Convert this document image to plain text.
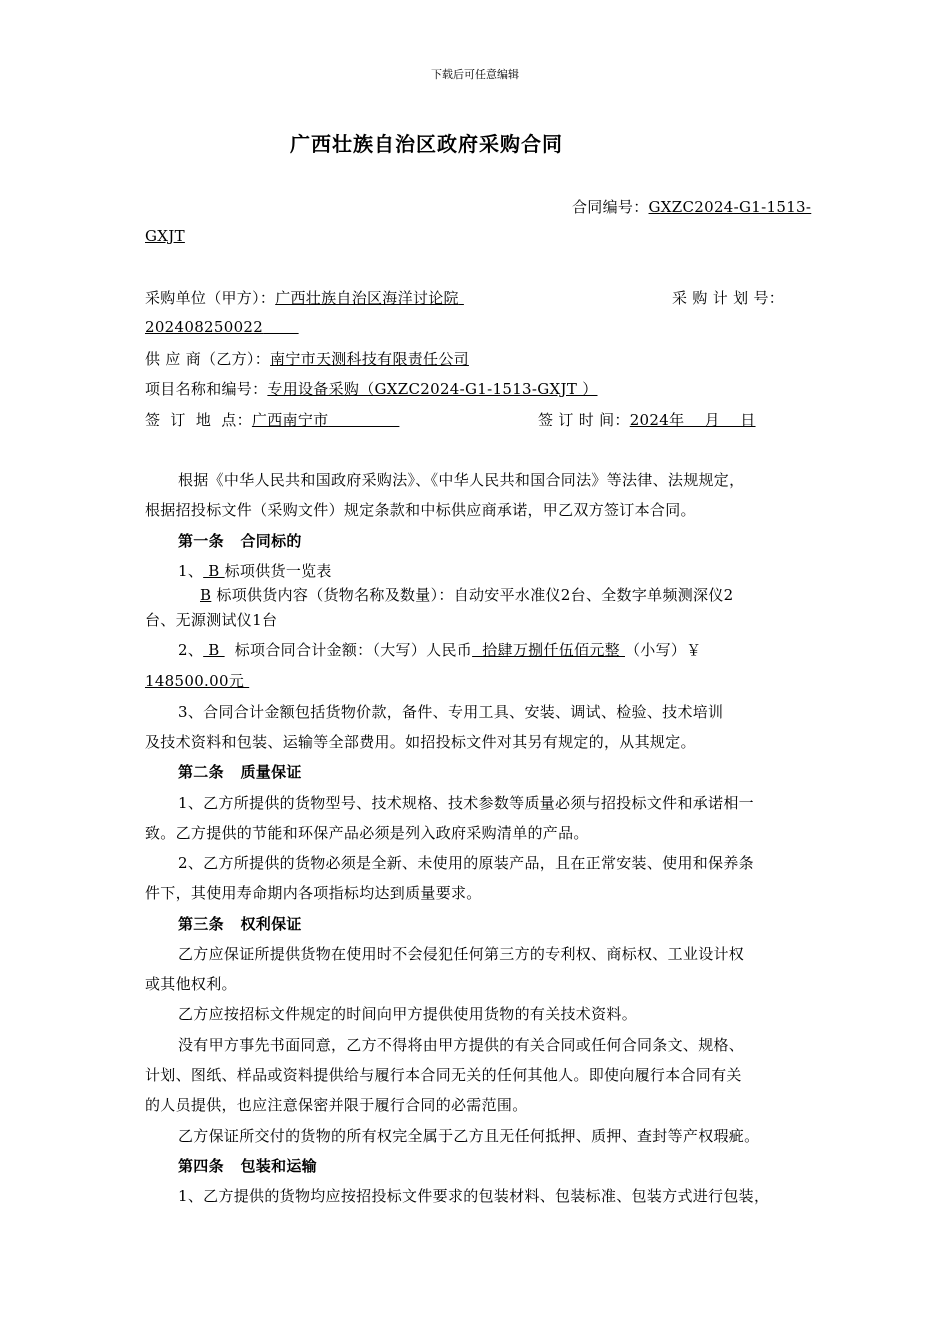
下载后可任意编辑
广西壮族自治区政府采购合同
合同编号：GXZC2024-G1-1513-
GXJT
采购单位（甲方）：广西壮族自治区海洋讨论院	采 购 计 划 号：
202408250022
供 应 商（乙方）：南宁市天测科技有限责任公司
项目名称和编号：专用设备采购（GXZC2024-G1-1513-GXJT ）
签  订  地  点：广西南宁市	签 订 时 间：2024年    月    日
根据《中华人民共和国政府采购法》、《中华人民共和国合同法》等法律、法规规定，
根据招投标文件（采购文件）规定条款和中标供应商承诺，甲乙双方签订本合同。
第一条   合同标的
1、 B 标项供货一览表
B 标项供货内容（货物名称及数量）：自动安平水准仪2台、全数字单频测深仪2
台、无源测试仪1台
2、 B   标项合同合计金额：（大写）人民币  拾肆万捌仟伍佰元整 （小写）￥
148500.00元
3、合同合计金额包括货物价款，备件、专用工具、安装、调试、检验、技术培训
及技术资料和包装、运输等全部费用。如招投标文件对其另有规定的，从其规定。
第二条   质量保证
1、乙方所提供的货物型号、技术规格、技术参数等质量必须与招投标文件和承诺相一
致。乙方提供的节能和环保产品必须是列入政府采购清单的产品。
2、乙方所提供的货物必须是全新、未使用的原装产品，且在正常安装、使用和保养条
件下，其使用寿命期内各项指标均达到质量要求。
第三条   权利保证
乙方应保证所提供货物在使用时不会侵犯任何第三方的专利权、商标权、工业设计权
或其他权利。
乙方应按招标文件规定的时间向甲方提供使用货物的有关技术资料。
没有甲方事先书面同意，乙方不得将由甲方提供的有关合同或任何合同条文、规格、
计划、图纸、样品或资料提供给与履行本合同无关的任何其他人。即使向履行本合同有关
的人员提供，也应注意保密并限于履行合同的必需范围。
乙方保证所交付的货物的所有权完全属于乙方且无任何抵押、质押、查封等产权瑕疵。
第四条   包装和运输
1、乙方提供的货物均应按招投标文件要求的包装材料、包装标准、包装方式进行包装，
